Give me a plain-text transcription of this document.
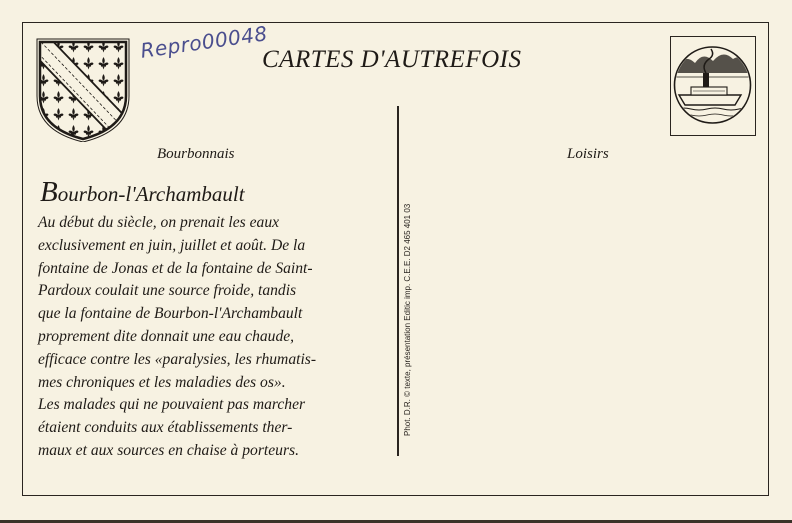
Repro00048
CARTES D'AUTREFOIS
Bourbonnais	Loisirs
Bourbon-l'Archambault

Au début du siècle, on prenait les eaux
exclusivement en juin, juillet et août. De la
fontaine de Jonas et de la fontaine de Saint-
Pardoux coulait une source froide, tandis
que la fontaine de Bourbon-l'Archambault
proprement dite donnait une eau chaude,
efficace contre les «paralysies, les rhumatis-
mes chroniques et les maladies des os».
Les malades qui ne pouvaient pas marcher
étaient conduits aux établissements ther-
maux et aux sources en chaise à porteurs.

Phot. D.R. © texte, présentation Editic imp. C.E.E. D2 465 401 03
